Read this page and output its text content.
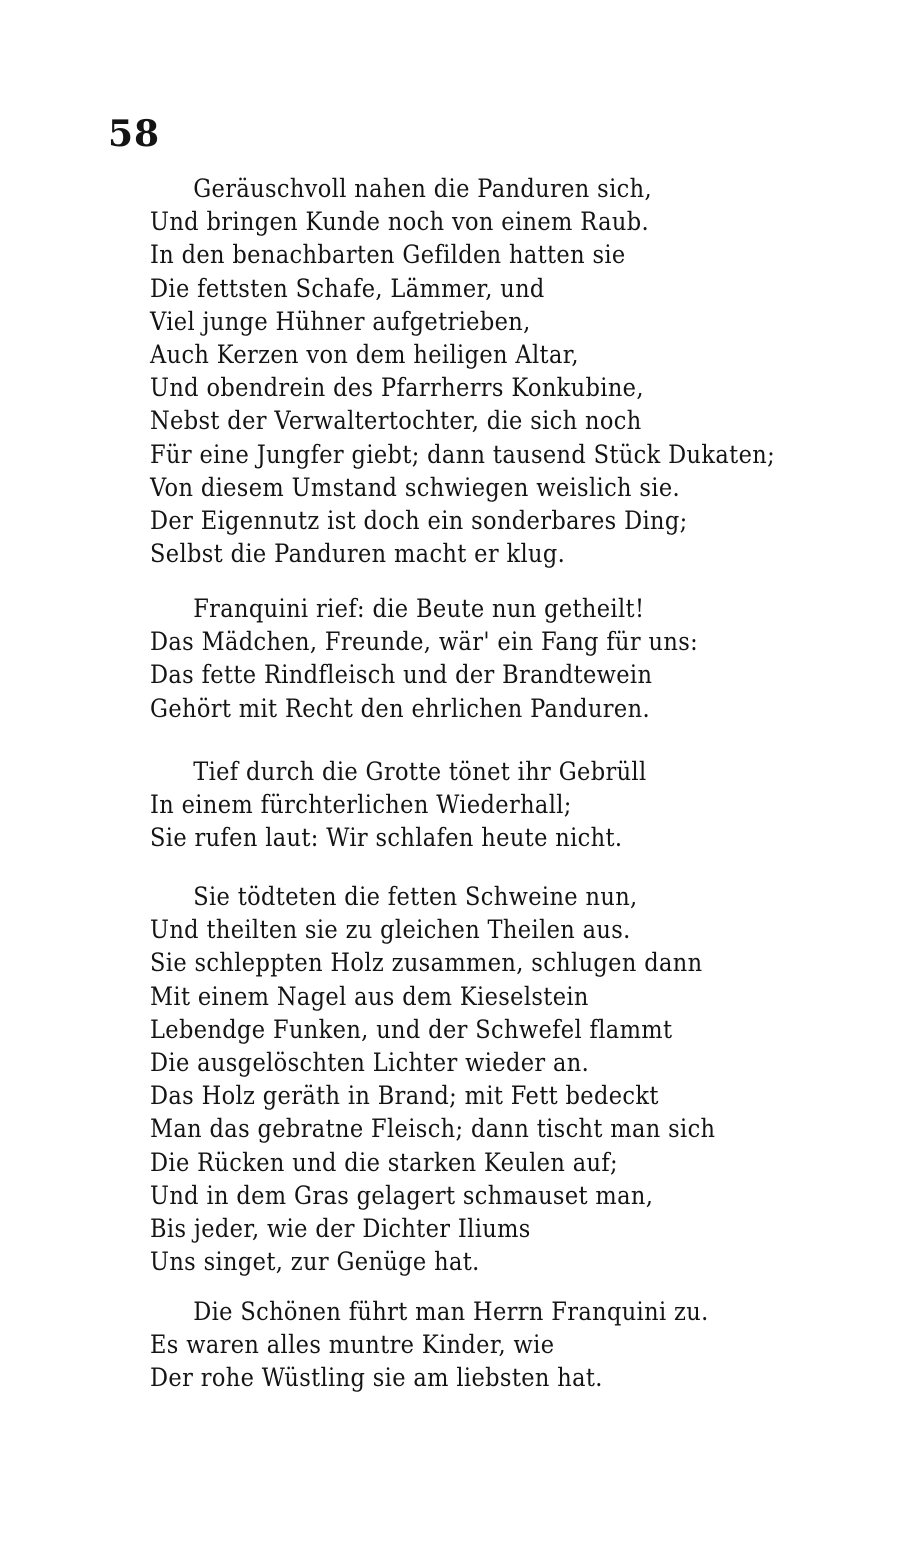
58
Geräuschvoll nahen die Panduren sich,
Und bringen Kunde noch von einem Raub.
In den benachbarten Gefilden hatten sie
Die fettsten Schafe, Lämmer, und
Viel junge Hühner aufgetrieben,
Auch Kerzen von dem heiligen Altar,
Und obendrein des Pfarrherrs Konkubine,
Nebst der Verwaltertochter, die sich noch
Für eine Jungfer giebt; dann tausend Stück Dukaten;
Von diesem Umstand schwiegen weislich sie.
Der Eigennutz ist doch ein sonderbares Ding;
Selbst die Panduren macht er klug.
Franquini rief: die Beute nun getheilt!
Das Mädchen, Freunde, wär' ein Fang für uns:
Das fette Rindfleisch und der Brandtewein
Gehört mit Recht den ehrlichen Panduren.
Tief durch die Grotte tönet ihr Gebrüll
In einem fürchterlichen Wiederhall;
Sie rufen laut: Wir schlafen heute nicht.
Sie tödteten die fetten Schweine nun,
Und theilten sie zu gleichen Theilen aus.
Sie schleppten Holz zusammen, schlugen dann
Mit einem Nagel aus dem Kieselstein
Lebendge Funken, und der Schwefel flammt
Die ausgelöschten Lichter wieder an.
Das Holz geräth in Brand; mit Fett bedeckt
Man das gebratne Fleisch; dann tischt man sich
Die Rücken und die starken Keulen auf;
Und in dem Gras gelagert schmauset man,
Bis jeder, wie der Dichter Iliums
Uns singet, zur Genüge hat.
Die Schönen führt man Herrn Franquini zu.
Es waren alles muntre Kinder, wie
Der rohe Wüstling sie am liebsten hat.
